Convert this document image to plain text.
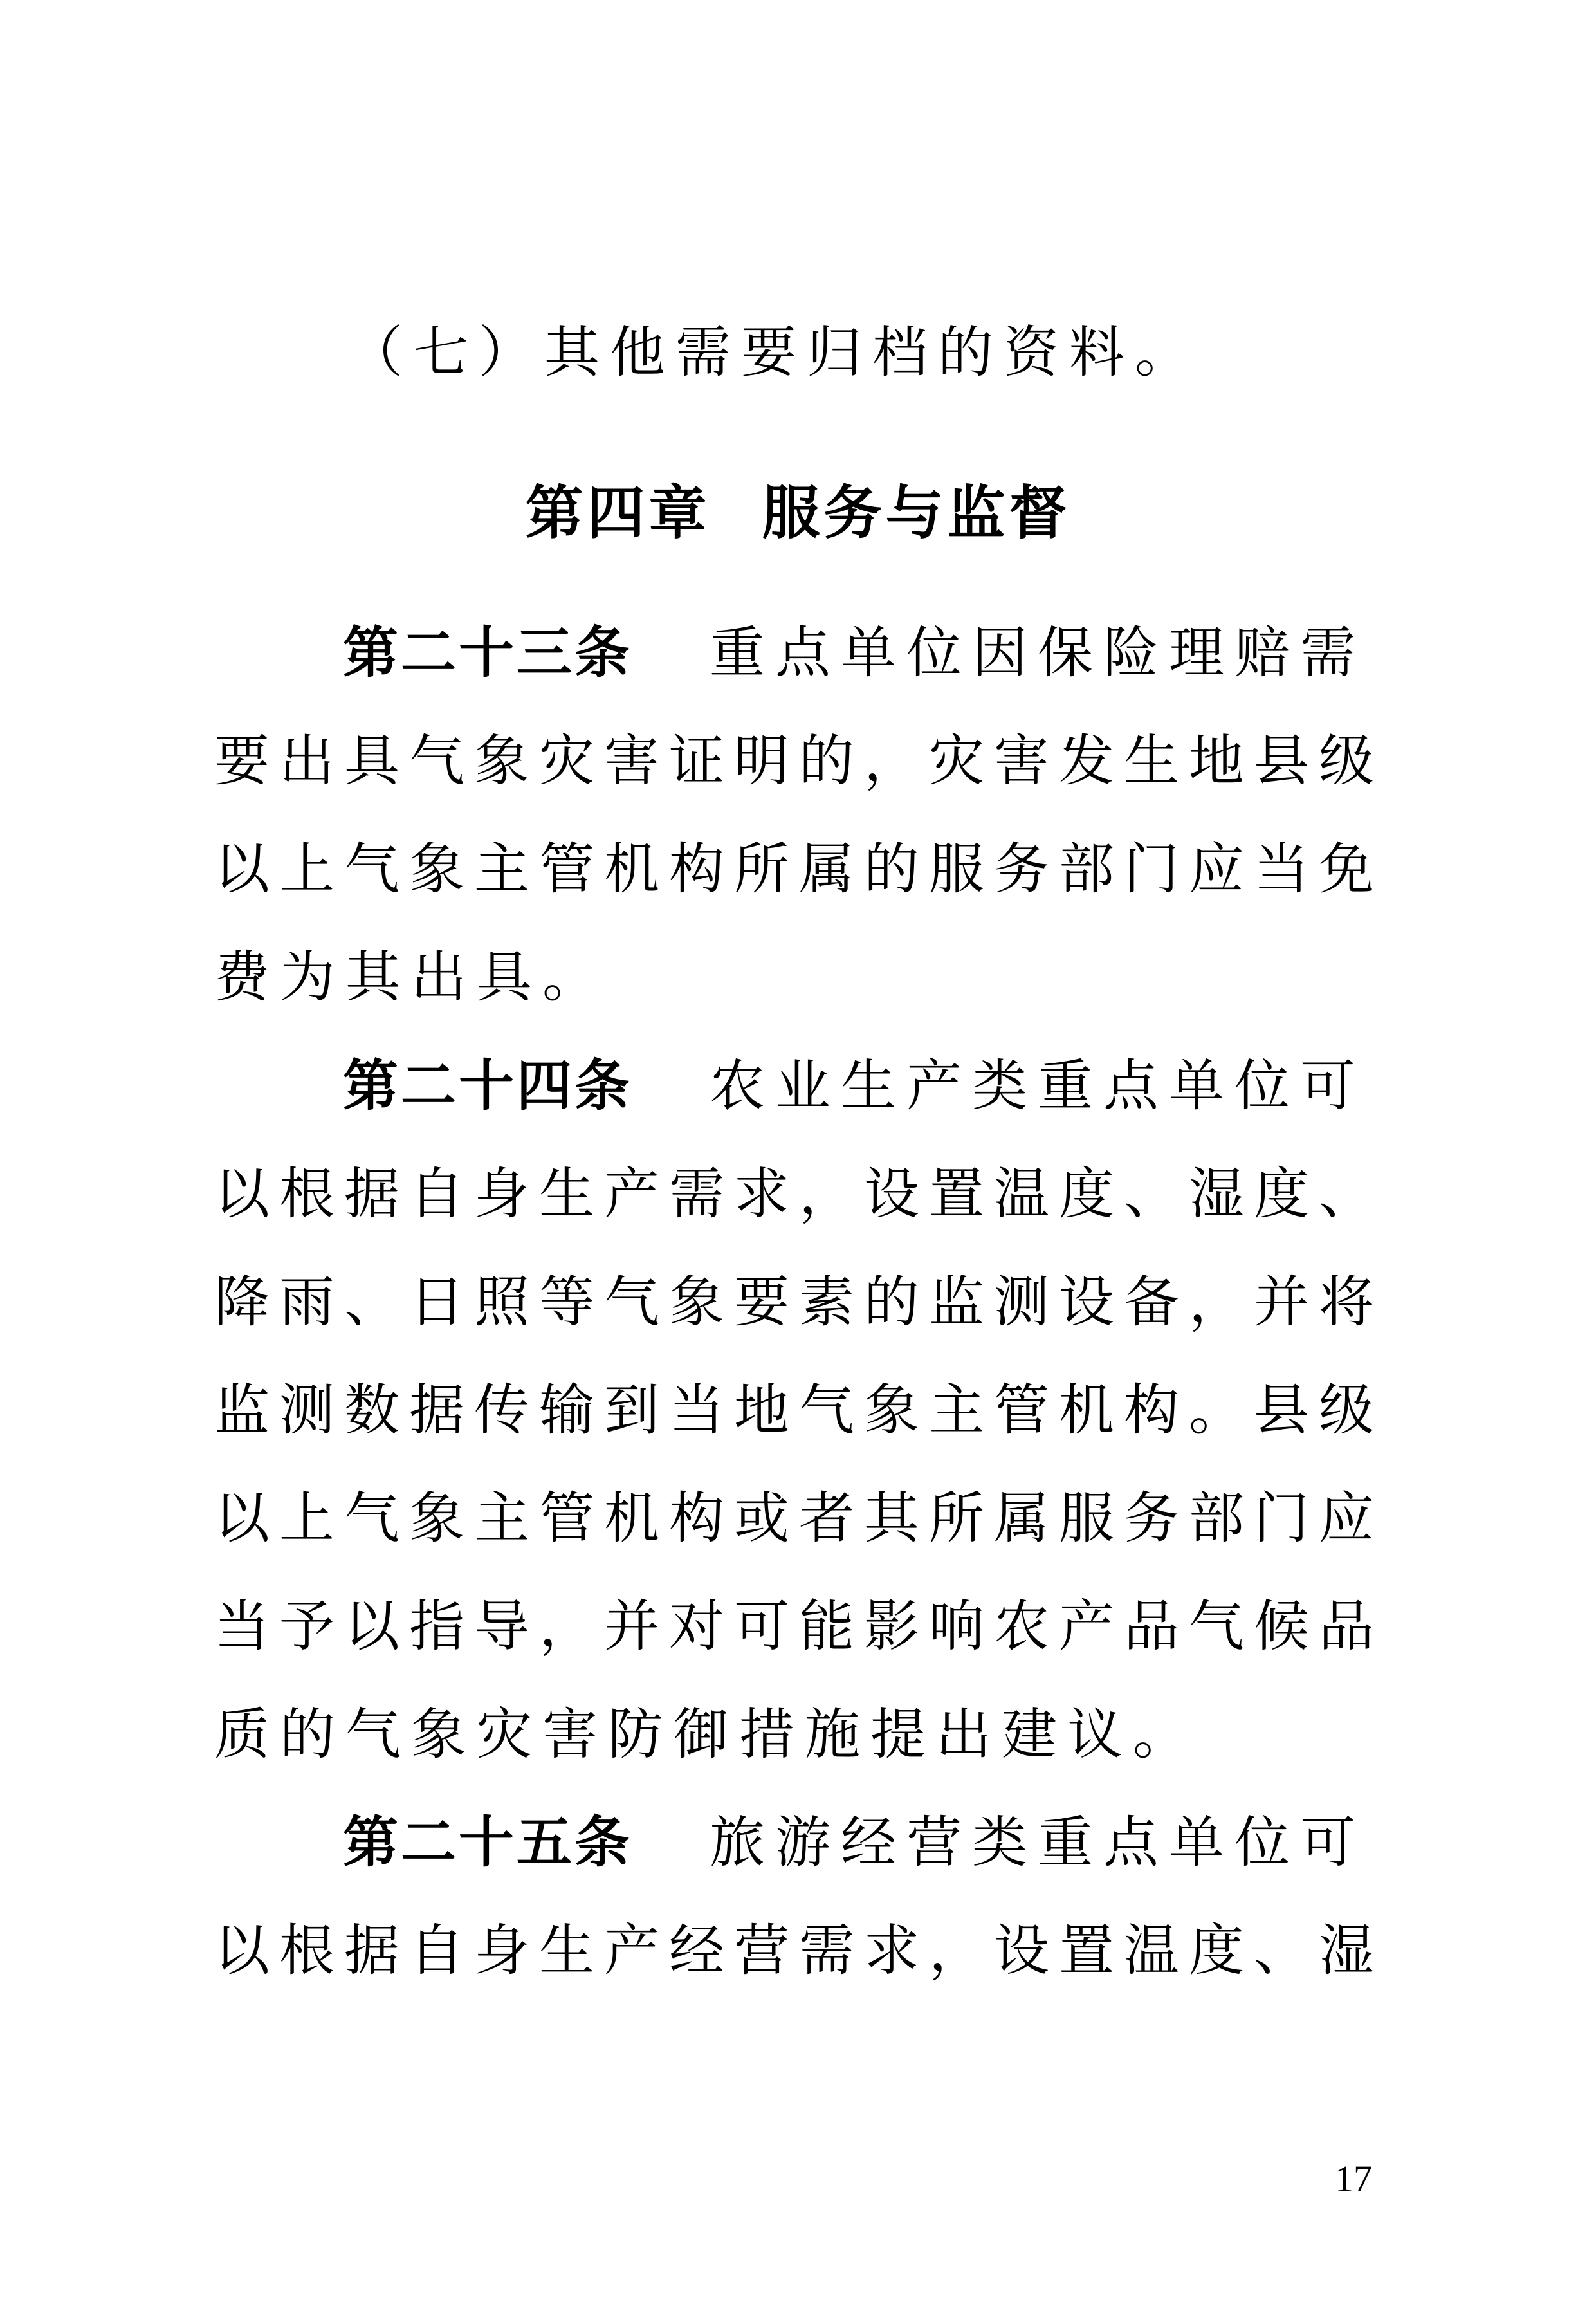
（七）其他需要归档的资料。
第四章 服务与监督
第二十三条 重点单位因保险理赔需
要出具气象灾害证明的，灾害发生地县级
以上气象主管机构所属的服务部门应当免
费为其出具。
第二十四条 农业生产类重点单位可
以根据自身生产需求，设置温度、湿度、
降雨、日照等气象要素的监测设备，并将
监测数据传输到当地气象主管机构。县级
以上气象主管机构或者其所属服务部门应
当予以指导，并对可能影响农产品气候品
质的气象灾害防御措施提出建议。
第二十五条 旅游经营类重点单位可
以根据自身生产经营需求，设置温度、湿
17
